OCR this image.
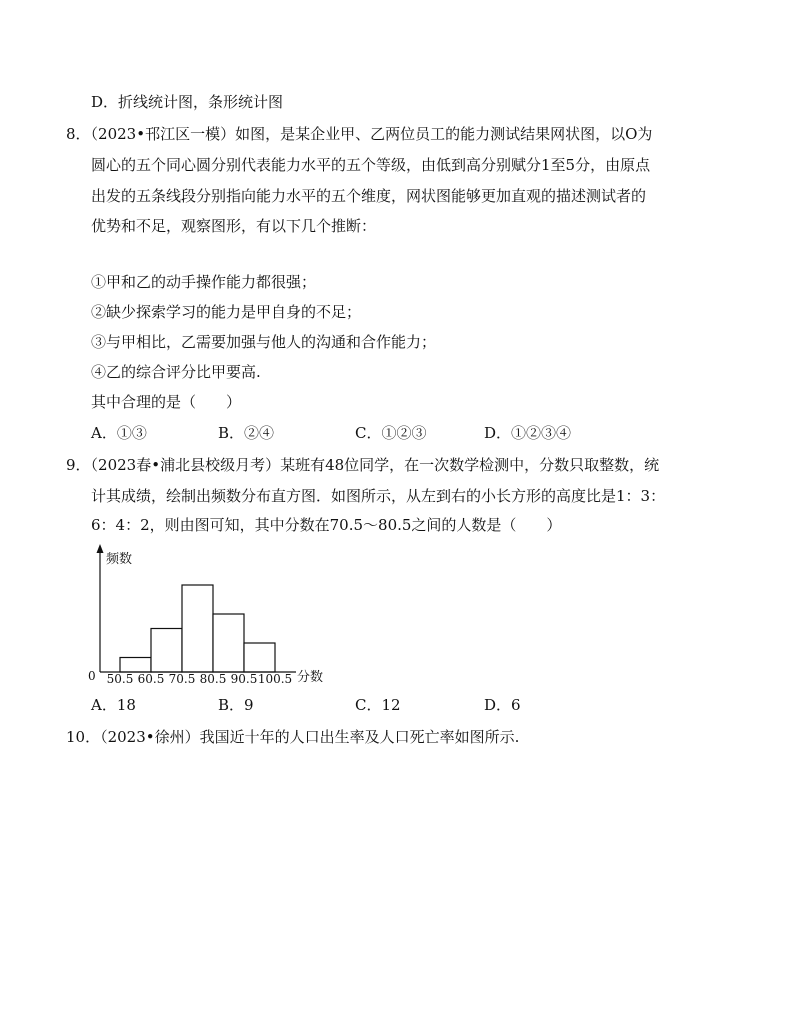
D．折线统计图，条形统计图
8．（2023•邗江区一模）如图，是某企业甲、乙两位员工的能力测试结果网状图，以O为
圆心的五个同心圆分别代表能力水平的五个等级，由低到高分别赋分1至5分，由原点
出发的五条线段分别指向能力水平的五个维度，网状图能够更加直观的描述测试者的
优势和不足，观察图形，有以下几个推断：
①甲和乙的动手操作能力都很强；
②缺少探索学习的能力是甲自身的不足；
③与甲相比，乙需要加强与他人的沟通和合作能力；
④乙的综合评分比甲要高.
其中合理的是（　　）
A．①③	B．②④	C．①②③	D．①②③④
9．（2023春•浦北县校级月考）某班有48位同学，在一次数学检测中，分数只取整数，统
计其成绩，绘制出频数分布直方图．如图所示，从左到右的小长方形的高度比是1：3：
6：4：2，则由图可知，其中分数在70.5～80.5之间的人数是（　　）
频数
0	分数
50.5 60.5 70.5 80.5 90.5 100.5
A．18	B．9	C．12	D．6
10．（2023•徐州）我国近十年的人口出生率及人口死亡率如图所示.
